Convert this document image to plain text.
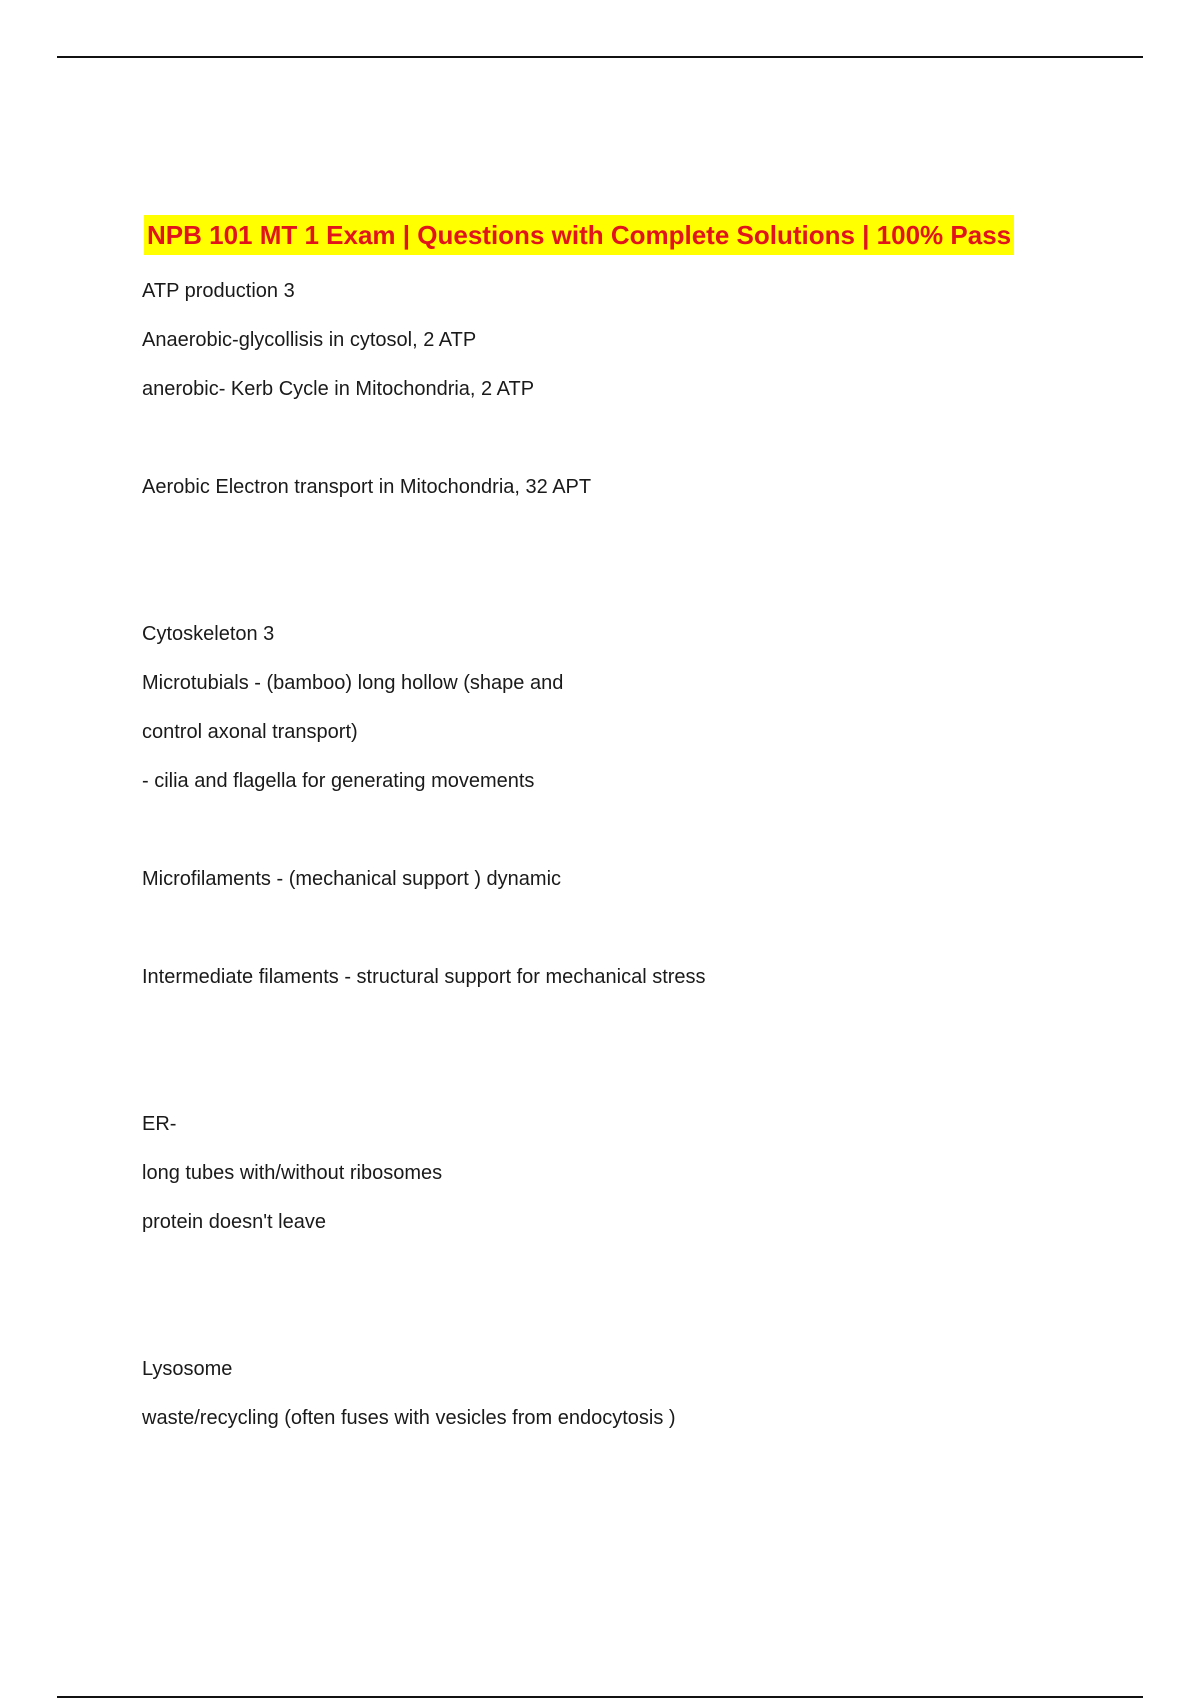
NPB 101 MT 1 Exam | Questions with Complete Solutions | 100% Pass
ATP production 3
Anaerobic-glycollisis in cytosol, 2 ATP
anerobic- Kerb Cycle in Mitochondria, 2 ATP
Aerobic Electron transport in Mitochondria, 32 APT
Cytoskeleton 3
Microtubials - (bamboo) long hollow (shape and
control axonal transport)
- cilia and flagella for generating movements
Microfilaments - (mechanical support ) dynamic
Intermediate filaments - structural support for mechanical stress
ER-
long tubes with/without ribosomes
protein doesn't leave
Lysosome
waste/recycling (often fuses with vesicles from endocytosis )
